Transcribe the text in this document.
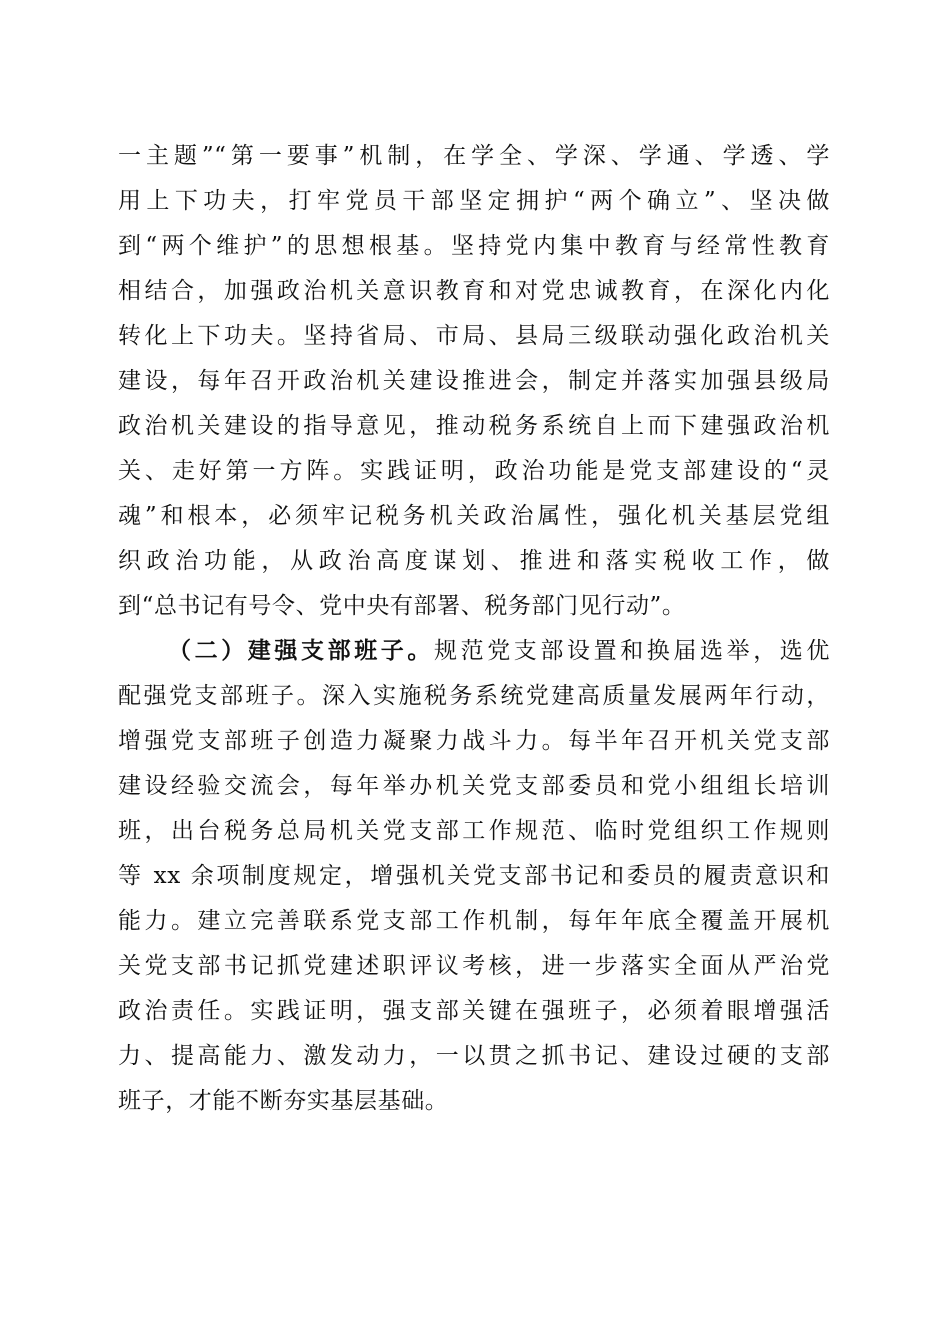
一主题”“第一要事”机制，在学全、学深、学通、学透、学
用上下功夫，打牢党员干部坚定拥护“两个确立”、坚决做
到“两个维护”的思想根基。坚持党内集中教育与经常性教育
相结合，加强政治机关意识教育和对党忠诚教育，在深化内化
转化上下功夫。坚持省局、市局、县局三级联动强化政治机关
建设，每年召开政治机关建设推进会，制定并落实加强县级局
政治机关建设的指导意见，推动税务系统自上而下建强政治机
关、走好第一方阵。实践证明，政治功能是党支部建设的“灵
魂”和根本，必须牢记税务机关政治属性，强化机关基层党组
织政治功能，从政治高度谋划、推进和落实税收工作，做
到“总书记有号令、党中央有部署、税务部门见行动”。
（二）建强支部班子。规范党支部设置和换届选举，选优
配强党支部班子。深入实施税务系统党建高质量发展两年行动，
增强党支部班子创造力凝聚力战斗力。每半年召开机关党支部
建设经验交流会，每年举办机关党支部委员和党小组组长培训
班，出台税务总局机关党支部工作规范、临时党组织工作规则
等 xx 余项制度规定，增强机关党支部书记和委员的履责意识和
能力。建立完善联系党支部工作机制，每年年底全覆盖开展机
关党支部书记抓党建述职评议考核，进一步落实全面从严治党
政治责任。实践证明，强支部关键在强班子，必须着眼增强活
力、提高能力、激发动力，一以贯之抓书记、建设过硬的支部
班子，才能不断夯实基层基础。
